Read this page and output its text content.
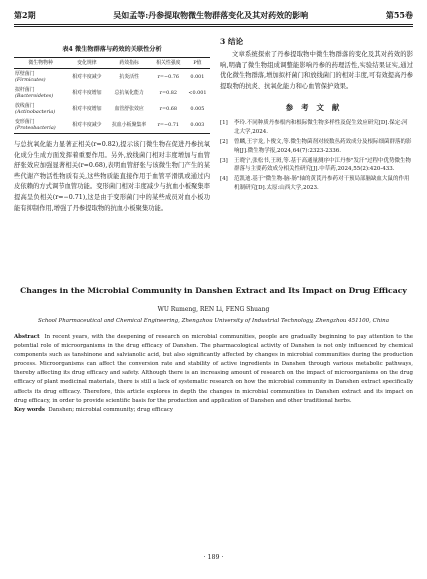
第2期	吴如孟等:丹参提取物微生物群落变化及其对药效的影响	第55卷
表4 微生物群落与药效的关联性分析
微生物物种	变化规律	药效指标	相关性强度	P值
厚壁菌门
(Firmicutes)	相对丰度减少	抗炎活性	r=−0.76	0.001
拟杆菌门
(Bacteroidetes)	相对丰度增加	总抗氧化能力	r=0.82	<0.001
放线菌门
(Actinobacteria)	相对丰度增加	血管舒张效应	r=0.68	0.005
变形菌门
(Proteobacteria)	相对丰度减少	抗血小板聚集率	r=−0.71	0.003

与总抗氧化能力显著正相关(r=0.82),提示该门微生物在促进丹参抗氧化成分生成方面发挥着重要作用。另外,放线菌门相对丰度增加与血管舒张效应加强显著相关(r=0.68),表明血管舒张与该微生物门产生的某些代谢产物活性物质有关,这些物质能直接作用于血管平滑肌或通过内皮依赖的方式调节血管功能。变形菌门相对丰度减少与抗血小板聚集率提高呈负相关(r=−0.71),这是由于变形菌门中的某些成员对血小板功能有抑制作用,增强了丹参提取物的抗血小板聚集功能。

3 结论

文章系统探索了丹参提取物中微生物群落的变化及其对药效的影响,明确了微生物组成调整能影响丹参的药理活性,实验结果证实,通过优化微生物群落,增加拟杆菌门和放线菌门的相对丰度,可有效提高丹参提取物的抗炎、抗氧化能力和心血管保护效果。

参考文献
[1]	李玲.不同种质丹参根内和根际微生物多样性及促生效应研究[D].保定:河北大学,2024.
[2]	曾麟,王宇龙,卜俊文,等.微生物菌剂对较数丛药效成分及根际细菌群落的影响[J].微生物学报,2024,64(7):2323-2336.
[3]	王晓宁,张松书,王斑,等.基于高通量测序中江丹参"发汗"过程中优势微生物群落与主要药效成分相关性研究[J].中草药,2024,55(2):420-433.
[4]	范凯迪.基于"微生物-脑-肠"轴的黄芪丹参药对干预局部脑缺血大鼠的作用机制研究[D].太原:山西大学,2023.
Changes in the Microbial Community in Danshen Extract and Its Impact on Drug Efficacy
WU Rumeng, REN Li, FENG Shuang
School Pharmaceutical and Chemical Engineering, Zhengzhou University of Industrial Technology, Zhengzhou 451100, China
Abstract In recent years, with the deepening of research on microbial communities, people are gradually beginning to pay attention to the potential role of microorganisms in the drug efficacy of Danshen. The pharmacological activity of Danshen is not only influenced by chemical components such as tanshinone and salvianolic acid, but also significantly affected by changes in microbial communities during the production process. Microorganisms can affect the conversion rate and stability of active ingredients in Danshen through various metabolic pathways, thereby affecting its drug efficacy and safety. Although there is an increasing amount of research on the impact of microorganisms on the drug efficacy of plant medicinal materials, there is still a lack of systematic research on how the microbial community in Danshen extract specifically affects its drug efficacy. Therefore, this article explores in depth the changes in microbial communities in Danshen extract and its impact on drug efficacy, in order to provide scientific basis for the production and application of Danshen and other traditional herbs.
Key words Danshen; microbial community; drug efficacy
· 189 ·
